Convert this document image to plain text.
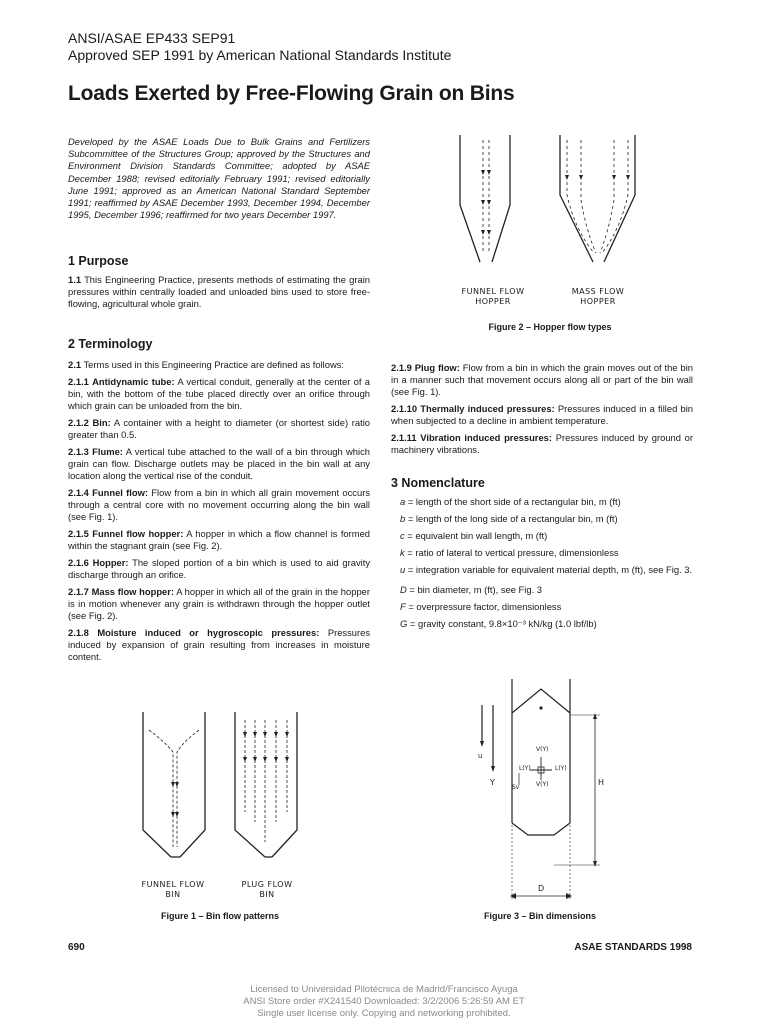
ANSI/ASAE EP433 SEP91
Approved SEP 1991 by American National Standards Institute
Loads Exerted by Free-Flowing Grain on Bins
Developed by the ASAE Loads Due to Bulk Grains and Fertilizers Subcommittee of the Structures Group; approved by the Structures and Environment Division Standards Committee; adopted by ASAE December 1988; revised editorially February 1991; revised editorially June 1991; approved as an American National Standard September 1991; reaffirmed by ASAE December 1993, December 1994, December 1995, December 1996; reaffirmed for two years December 1997.
1 Purpose

1.1 This Engineering Practice, presents methods of estimating the grain pressures within centrally loaded and unloaded bins used to store free-flowing, agricultural whole grain.

2 Terminology

2.1 Terms used in this Engineering Practice are defined as follows:

2.1.1 Antidynamic tube: A vertical conduit, generally at the center of a bin, with the bottom of the tube placed directly over an orifice through which grain can be unloaded from the bin.

2.1.2 Bin: A container with a height to diameter (or shortest side) ratio greater than 0.5.

2.1.3 Flume: A vertical tube attached to the wall of a bin through which grain can flow. Discharge outlets may be placed in the bin wall at any location along the vertical rise of the conduit.

2.1.4 Funnel flow: Flow from a bin in which all grain movement occurs through a central core with no movement occurring along the bin wall (see Fig. 1).

2.1.5 Funnel flow hopper: A hopper in which a flow channel is formed within the stagnant grain (see Fig. 2).

2.1.6 Hopper: The sloped portion of a bin which is used to aid gravity discharge through an orifice.

2.1.7 Mass flow hopper: A hopper in which all of the grain in the hopper is in motion whenever any grain is withdrawn through the hopper outlet (see Fig. 2).

2.1.8 Moisture induced or hygroscopic pressures: Pressures induced by expansion of grain resulting from increases in moisture content.

FUNNEL FLOW
HOPPER
MASS FLOW
HOPPER
Figure 2 – Hopper flow types

2.1.9 Plug flow: Flow from a bin in which the grain moves out of the bin in a manner such that movement occurs along all or part of the bin wall (see Fig. 1).

2.1.10 Thermally induced pressures: Pressures induced in a filled bin when subjected to a decline in ambient temperature.

2.1.11 Vibration induced pressures: Pressures induced by ground or machinery vibrations.

3 Nomenclature

a = length of the short side of a rectangular bin, m (ft)

b = length of the long side of a rectangular bin, m (ft)

c = equivalent bin wall length, m (ft)

k = ratio of lateral to vertical pressure, dimensionless

u = integration variable for equivalent material depth, m (ft), see Fig. 3.

D = bin diameter, m (ft), see Fig. 3

F = overpressure factor, dimensionless

G = gravity constant, 9.8×10⁻³ kN/kg (1.0 lbf/lb)

FUNNEL FLOW
BIN
PLUG FLOW
BIN
Figure 1 – Bin flow patterns
u
Y	H
D
V(Y)
V(Y)
L(Y)	L(Y)
Sv
Figure 3 – Bin dimensions
690	ASAE STANDARDS 1998
Licensed to Universidad Pilotécnica de Madrid/Francisco Ayuga
ANSI Store order #X241540 Downloaded: 3/2/2006 5:26:59 AM ET
Single user license only. Copying and networking prohibited.
